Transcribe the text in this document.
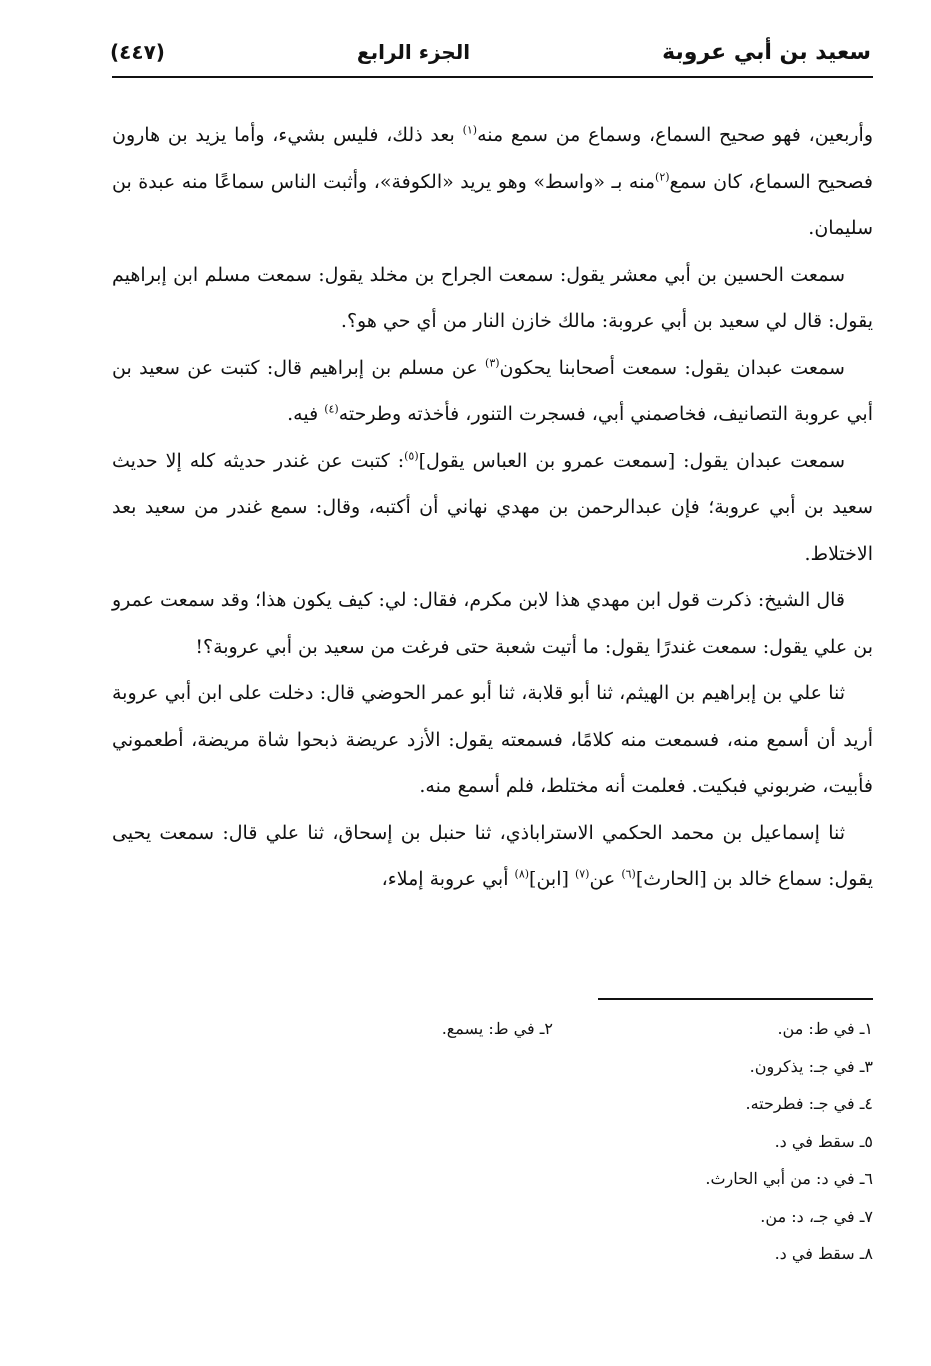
سعيد بن أبي عروبة
الجزء الرابع
(٤٤٧)

وأربعين، فهو صحيح السماع، وسماع من سمع منه$^{(١)}$ بعد ذلك، فليس بشيء، وأما يزيد بن هارون فصحيح السماع، كان سمع$^{(٢)}$منه بـ «واسط» وهو يريد «الكوفة»، وأثبت الناس سماعًا منه عبدة بن سليمان.

سمعت الحسين بن أبي معشر يقول: سمعت الجراح بن مخلد يقول: سمعت مسلم ابن إبراهيم يقول: قال لي سعيد بن أبي عروبة: مالك خازن النار من أي حي هو؟.

سمعت عبدان يقول: سمعت أصحابنا يحكون$^{(٣)}$ عن مسلم بن إبراهيم قال: كتبت عن سعيد بن أبي عروبة التصانيف، فخاصمني أبي، فسجرت التنور، فأخذته وطرحته$^{(٤)}$ فيه.

سمعت عبدان يقول: [سمعت عمرو بن العباس يقول]$^{(٥)}$: كتبت عن غندر حديثه كله إلا حديث سعيد بن أبي عروبة؛ فإن عبدالرحمن بن مهدي نهاني أن أكتبه، وقال: سمع غندر من سعيد بعد الاختلاط.

قال الشيخ: ذكرت قول ابن مهدي هذا لابن مكرم، فقال: لي: كيف يكون هذا؛ وقد سمعت عمرو بن علي يقول: سمعت غندرًا يقول: ما أتيت شعبة حتى فرغت من سعيد بن أبي عروبة؟!

ثنا علي بن إبراهيم بن الهيثم، ثنا أبو قلابة، ثنا أبو عمر الحوضي قال: دخلت على ابن أبي عروبة أريد أن أسمع منه، فسمعت منه كلامًا، فسمعته يقول: الأزد عريضة ذبحوا شاة مريضة، أطعموني فأبيت، ضربوني فبكيت. فعلمت أنه مختلط، فلم أسمع منه.

ثنا إسماعيل بن محمد الحكمي الاستراباذي، ثنا حنبل بن إسحاق، ثنا علي قال: سمعت يحيى يقول: سماع خالد بن [الحارث]$^{(٦)}$ عن$^{(٧)}$ [ابن]$^{(٨)}$ أبي عروبة إملاء،

١ـ في ط: من.
٢ـ في ط: يسمع.
٣ـ في جـ: يذكرون.
٤ـ في جـ: فطرحته.
٥ـ سقط في د.
٦ـ في د: من أبي الحارث.
٧ـ في جـ، د: من.
٨ـ سقط في د.
